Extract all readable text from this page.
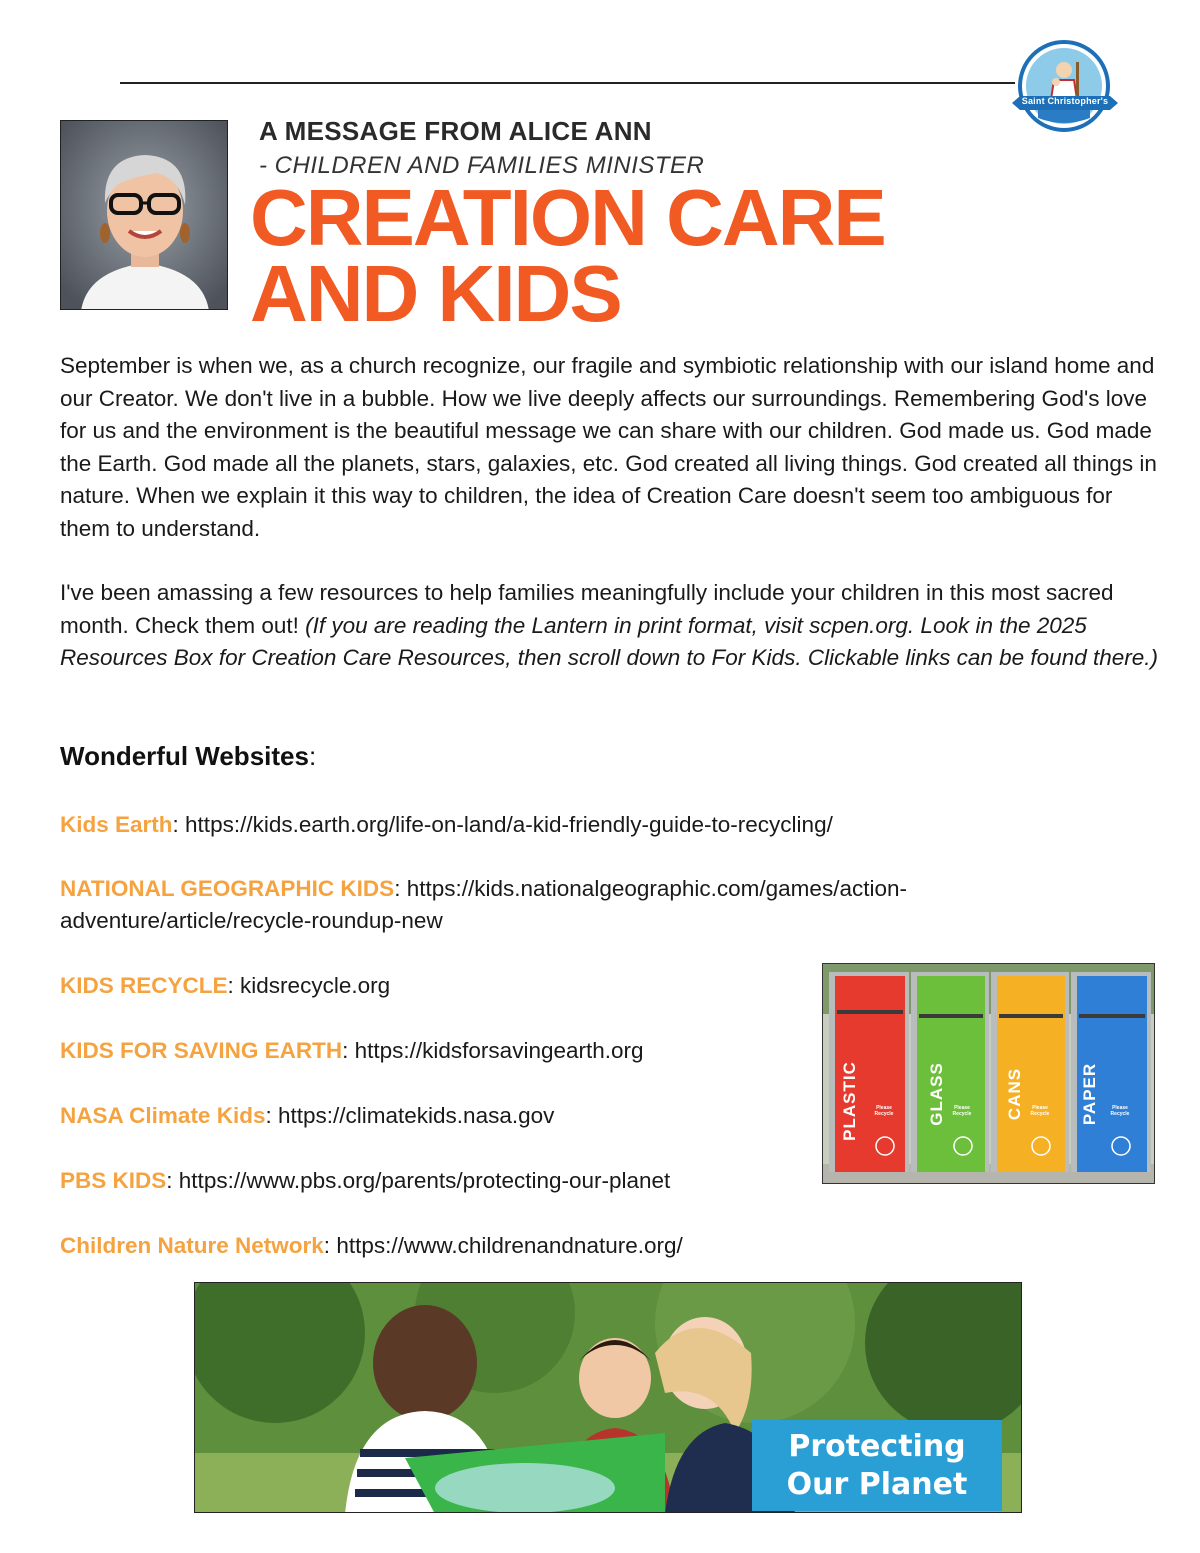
Saint Christopher's
A MESSAGE FROM ALICE ANN
- CHILDREN AND FAMILIES MINISTER
CREATION CARE
AND KIDS

September is when we, as a church recognize, our fragile and symbiotic relationship with our island home and our Creator. We don't live in a bubble. How we live deeply affects our surroundings. Remembering God's love for us and the environment is the beautiful message we can share with our children. God made us. God made the Earth. God made all the planets, stars, galaxies, etc. God created all living things. God created all things in nature. When we explain it this way to children, the idea of Creation Care doesn't seem too ambiguous for them to understand.

I've been amassing a few resources to help families meaningfully include your children in this most sacred month. Check them out! (If you are reading the Lantern in print format, visit scpen.org. Look in the 2025 Resources Box for Creation Care Resources, then scroll down to For Kids. Clickable links can be found there.)

Wonderful Websites:
Kids Earth: https://kids.earth.org/life-on-land/a-kid-friendly-guide-to-recycling/
NATIONAL GEOGRAPHIC KIDS: https://kids.nationalgeographic.com/games/action-adventure/article/recycle-roundup-new
KIDS RECYCLE: kidsrecycle.org
KIDS FOR SAVING EARTH: https://kidsforsavingearth.org
NASA Climate Kids: https://climatekids.nasa.gov
PBS KIDS: https://www.pbs.org/parents/protecting-our-planet
Children Nature Network: https://www.childrenandnature.org/
PLASTIC	GLASS	CANS	PAPER
Please Recycle
Please Recycle
Please Recycle
Please Recycle
Protecting
Our Planet
